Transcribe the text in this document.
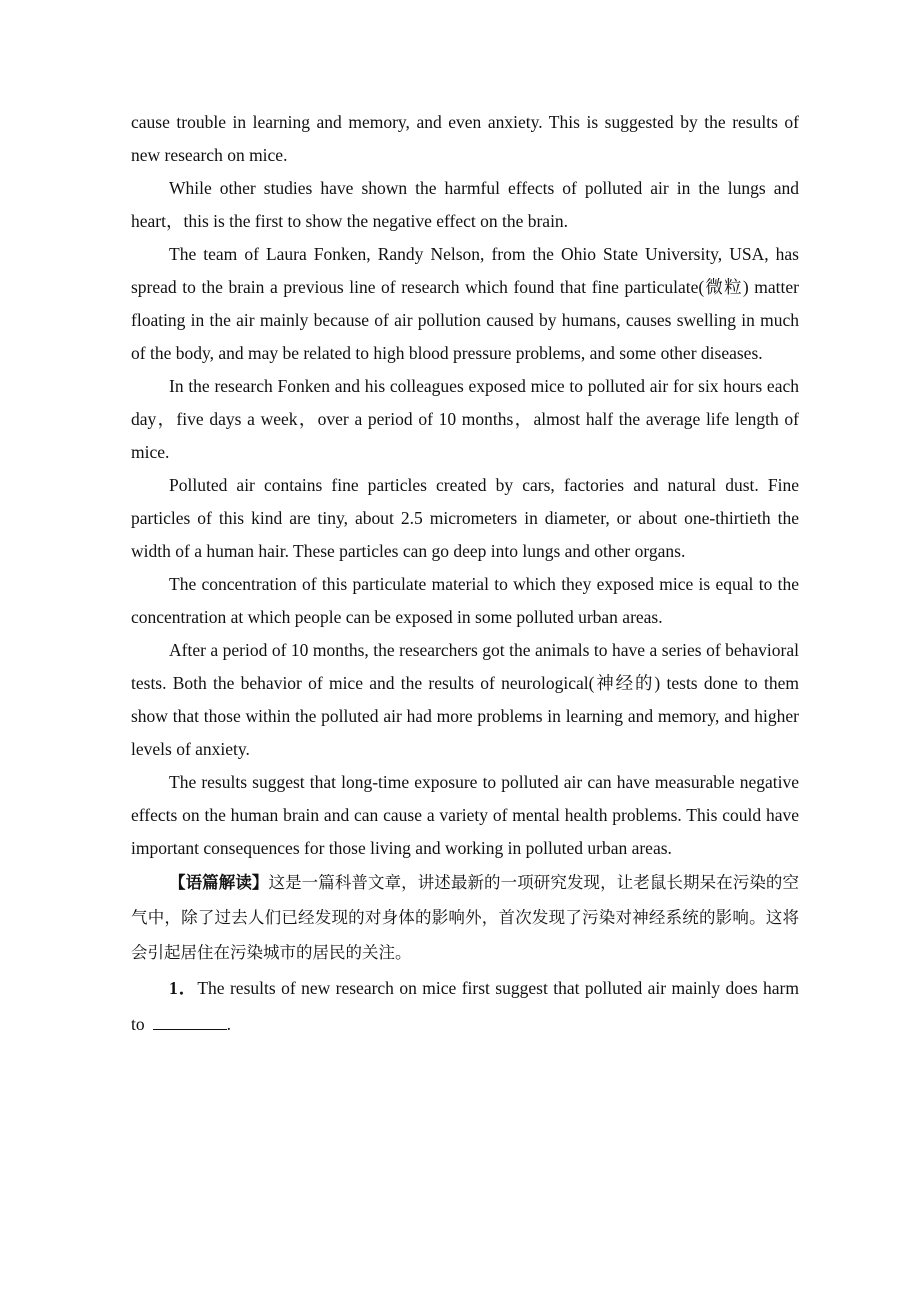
cause trouble in learning and memory, and even anxiety. This is suggested by the results of new research on mice.

While other studies have shown the harmful effects of polluted air in the lungs and heart，this is the first to show the negative effect on the brain.

The team of Laura Fonken, Randy Nelson, from the Ohio State University, USA, has spread to the brain a previous line of research which found that fine particulate(微粒) matter floating in the air mainly because of air pollution caused by humans, causes swelling in much of the body, and may be related to high blood pressure problems, and some other diseases.

In the research Fonken and his colleagues exposed mice to polluted air for six hours each day，five days a week，over a period of 10 months，almost half the average life length of mice.

Polluted air contains fine particles created by cars, factories and natural dust. Fine particles of this kind are tiny, about 2.5 micrometers in diameter, or about one-thirtieth the width of a human hair. These particles can go deep into lungs and other organs.

The concentration of this particulate material to which they exposed mice is equal to the concentration at which people can be exposed in some polluted urban areas.

After a period of 10 months, the researchers got the animals to have a series of behavioral tests. Both the behavior of mice and the results of neurological(神经的) tests done to them show that those within the polluted air had more problems in learning and memory, and higher levels of anxiety.

The results suggest that long-time exposure to polluted air can have measurable negative effects on the human brain and can cause a variety of mental health problems. This could have important consequences for those living and working in polluted urban areas.

【语篇解读】这是一篇科普文章，讲述最新的一项研究发现，让老鼠长期呆在污染的空气中，除了过去人们已经发现的对身体的影响外，首次发现了污染对神经系统的影响。这将会引起居住在污染城市的居民的关注。

1．The results of new research on mice first suggest that polluted air mainly does harm to	.
